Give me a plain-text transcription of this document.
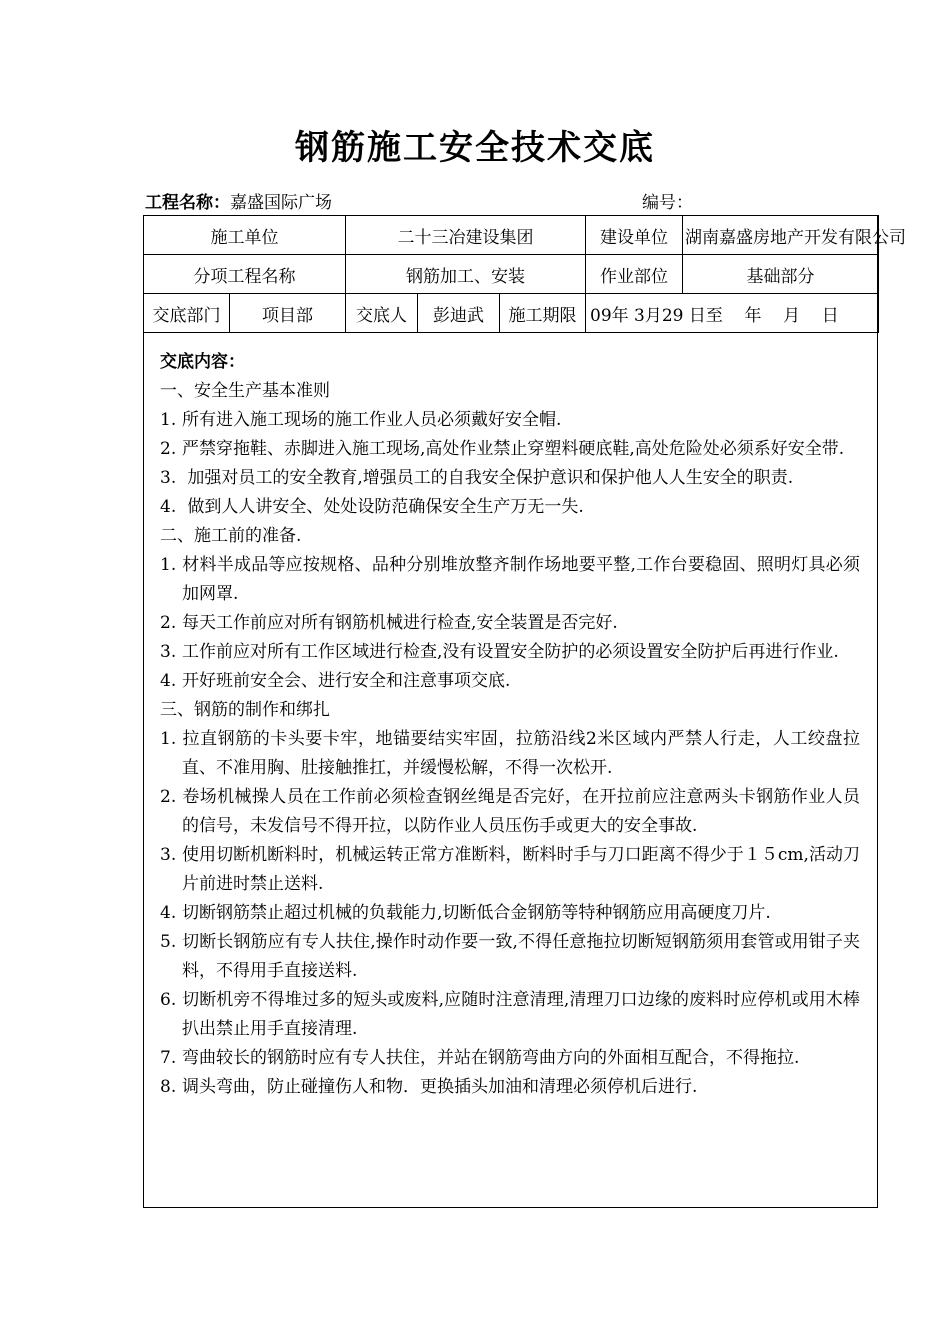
钢筋施工安全技术交底
工程名称：嘉盛国际广场	编号：
施工单位		二十三冶建设集团			建设单位	湖南嘉盛房地产开发有限公司
分项工程名称		钢筋加工、安装			作业部位	基础部分
交底部门	项目部	交底人	彭迪武	施工期限	09年 3月29 日至    年    月    日	
交底内容：
一、安全生产基本准则
1. 所有进入施工现场的施工作业人员必须戴好安全帽.
2. 严禁穿拖鞋、赤脚进入施工现场,高处作业禁止穿塑料硬底鞋,高处危险处必须系好安全带.
3. 加强对员工的安全教育,增强员工的自我安全保护意识和保护他人人生安全的职责.
4. 做到人人讲安全、处处设防范确保安全生产万无一失.
二、施工前的准备.
1. 材料半成品等应按规格、品种分别堆放整齐制作场地要平整,工作台要稳固、照明灯具必须加网罩.
2. 每天工作前应对所有钢筋机械进行检查,安全装置是否完好.
3. 工作前应对所有工作区域进行检查,没有设置安全防护的必须设置安全防护后再进行作业.
4. 开好班前安全会、进行安全和注意事项交底.
三、钢筋的制作和绑扎
1. 拉直钢筋的卡头要卡牢，地锚要结实牢固，拉筋沿线2米区域内严禁人行走，人工绞盘拉直、不准用胸、肚接触推扛，并缓慢松解，不得一次松开.
2. 卷场机械操人员在工作前必须检查钢丝绳是否完好，在开拉前应注意两头卡钢筋作业人员的信号，未发信号不得开拉，以防作业人员压伤手或更大的安全事故.
3. 使用切断机断料时，机械运转正常方准断料，断料时手与刀口距离不得少于１５cm,活动刀片前进时禁止送料.
4. 切断钢筋禁止超过机械的负载能力,切断低合金钢筋等特种钢筋应用高硬度刀片.
5. 切断长钢筋应有专人扶住,操作时动作要一致,不得任意拖拉切断短钢筋须用套管或用钳子夹料，不得用手直接送料.
6. 切断机旁不得堆过多的短头或废料,应随时注意清理,清理刀口边缘的废料时应停机或用木棒扒出禁止用手直接清理.
7. 弯曲较长的钢筋时应有专人扶住，并站在钢筋弯曲方向的外面相互配合，不得拖拉.
8. 调头弯曲，防止碰撞伤人和物．更换插头加油和清理必须停机后进行.
